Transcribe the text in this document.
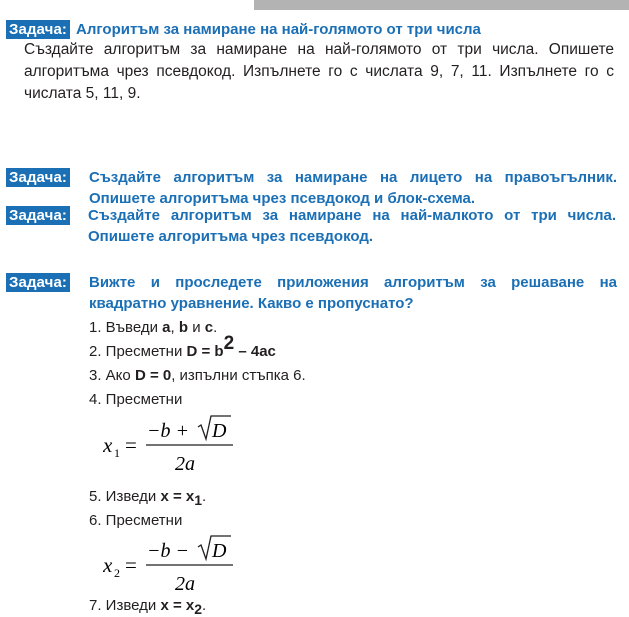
Задача: Алгоритъм за намиране на най-голямото от три числа
Създайте алгоритъм за намиране на най-голямото от три числа. Опишете алгоритъма чрез псевдокод. Изпълнете го с числата 9, 7, 11. Изпълнете го с числата 5, 11, 9.
Задача: Създайте алгоритъм за намиране на лицето на правоъгълник. Опишете алгоритъма чрез псевдокод и блок-схема.
Задача: Създайте алгоритъм за намиране на най-малкото от три числа. Опишете алгоритъма чрез псевдокод.
Задача: Вижте и проследете приложения алгоритъм за решаване на квадратно уравнение. Какво е пропуснато?
1. Въведи a, b и c.
2. Пресметни D = b2 – 4ac
3. Ако D = 0, изпълни стъпка 6.
4. Пресметни
x 1 =
−b + D
2a
5. Изведи x = x1.
6. Пресметни
x 2 =
−b − D
2a
7. Изведи x = x2.
